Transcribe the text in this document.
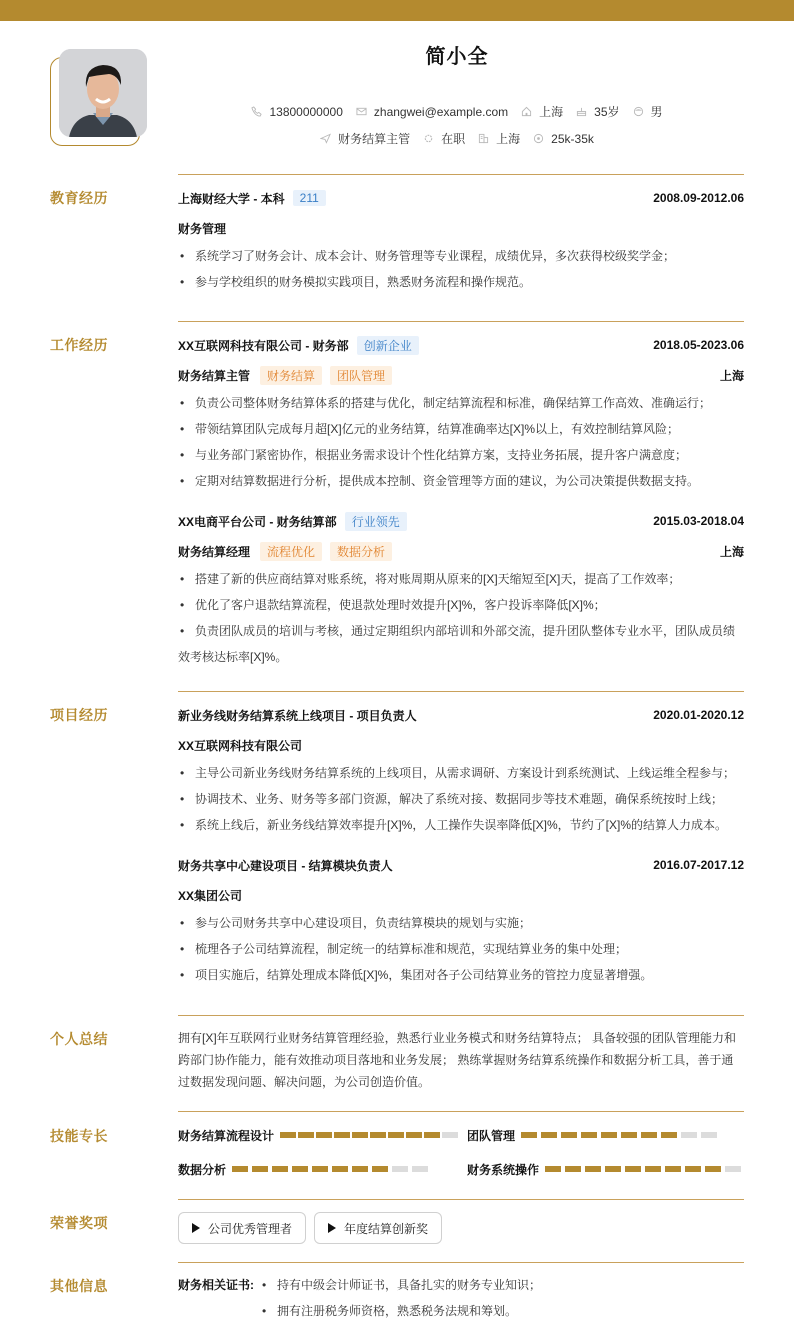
简小全
13800000000	zhangwei@example.com	上海	35岁	男
财务结算主管	在职	上海	25k-35k
教育经历	上海财经大学 - 本科	211	2008.09-2012.06
财务管理
• 系统学习了财务会计、成本会计、财务管理等专业课程，成绩优异，多次获得校级奖学金；
• 参与学校组织的财务模拟实践项目，熟悉财务流程和操作规范。
工作经历	XX互联网科技有限公司 - 财务部	创新企业	2018.05-2023.06
财务结算主管	财务结算	团队管理	上海
• 负责公司整体财务结算体系的搭建与优化，制定结算流程和标准，确保结算工作高效、准确运行；
• 带领结算团队完成每月超[X]亿元的业务结算，结算准确率达[X]%以上，有效控制结算风险；
• 与业务部门紧密协作，根据业务需求设计个性化结算方案，支持业务拓展，提升客户满意度；
• 定期对结算数据进行分析，提供成本控制、资金管理等方面的建议，为公司决策提供数据支持。
XX电商平台公司 - 财务结算部	行业领先	2015.03-2018.04
财务结算经理	流程优化	数据分析	上海
• 搭建了新的供应商结算对账系统，将对账周期从原来的[X]天缩短至[X]天，提高了工作效率；
• 优化了客户退款结算流程，使退款处理时效提升[X]%，客户投诉率降低[X]%；
• 负责团队成员的培训与考核，通过定期组织内部培训和外部交流，提升团队整体专业水平，团队成员绩效考核达标率[X]%。
项目经历	新业务线财务结算系统上线项目 - 项目负责人	2020.01-2020.12
XX互联网科技有限公司
• 主导公司新业务线财务结算系统的上线项目，从需求调研、方案设计到系统测试、上线运维全程参与；
• 协调技术、业务、财务等多部门资源，解决了系统对接、数据同步等技术难题，确保系统按时上线；
• 系统上线后，新业务线结算效率提升[X]%，人工操作失误率降低[X]%，节约了[X]%的结算人力成本。
财务共享中心建设项目 - 结算模块负责人	2016.07-2017.12
XX集团公司
• 参与公司财务共享中心建设项目，负责结算模块的规划与实施；
• 梳理各子公司结算流程，制定统一的结算标准和规范，实现结算业务的集中处理；
• 项目实施后，结算处理成本降低[X]%，集团对各子公司结算业务的管控力度显著增强。
个人总结	拥有[X]年互联网行业财务结算管理经验，熟悉行业业务模式和财务结算特点； 具备较强的团队管理能力和跨部门协作能力，能有效推动项目落地和业务发展； 熟练掌握财务结算系统操作和数据分析工具，善于通过数据发现问题、解决问题，为公司创造价值。
技能专长	财务结算流程设计	团队管理
数据分析	财务系统操作
荣誉奖项	公司优秀管理者	年度结算创新奖
其他信息	财务相关证书: • 持有中级会计师证书，具备扎实的财务专业知识；
• 拥有注册税务师资格，熟悉税务法规和筹划。
